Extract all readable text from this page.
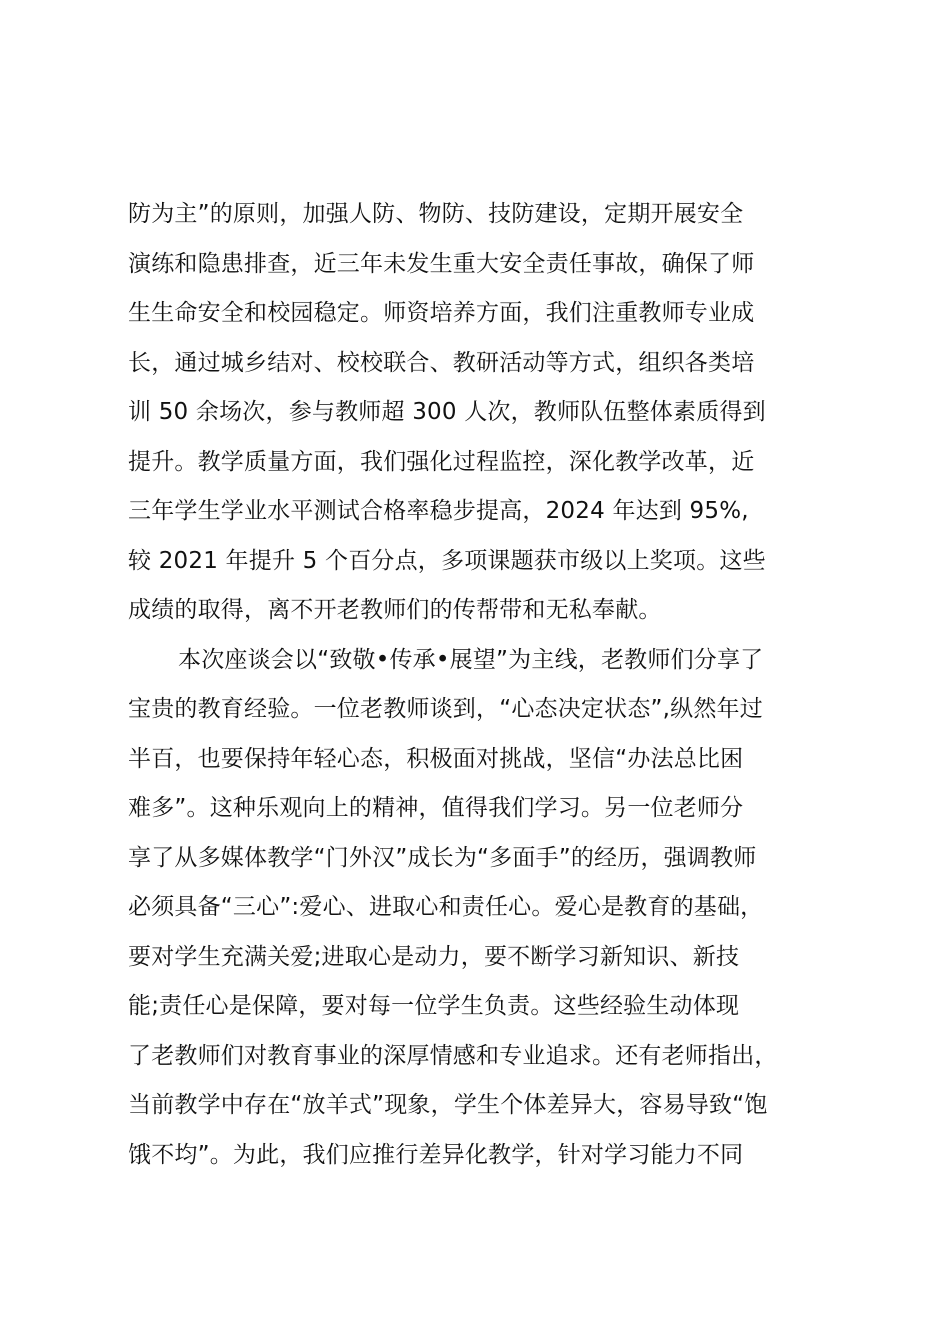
防为主”的原则，加强人防、物防、技防建设，定期开展安全
演练和隐患排查，近三年未发生重大安全责任事故，确保了师
生生命安全和校园稳定。师资培养方面，我们注重教师专业成
长，通过城乡结对、校校联合、教研活动等方式，组织各类培
训 50 余场次，参与教师超 300 人次，教师队伍整体素质得到
提升。教学质量方面，我们强化过程监控，深化教学改革，近
三年学生学业水平测试合格率稳步提高，2024 年达到 95%,
较 2021 年提升 5 个百分点，多项课题获市级以上奖项。这些
成绩的取得，离不开老教师们的传帮带和无私奉献。
本次座谈会以“致敬•传承•展望”为主线，老教师们分享了
宝贵的教育经验。一位老教师谈到，“心态决定状态”,纵然年过
半百，也要保持年轻心态，积极面对挑战，坚信“办法总比困
难多”。这种乐观向上的精神，值得我们学习。另一位老师分
享了从多媒体教学“门外汉”成长为“多面手”的经历，强调教师
必须具备“三心”:爱心、进取心和责任心。爱心是教育的基础，
要对学生充满关爱;进取心是动力，要不断学习新知识、新技
能;责任心是保障，要对每一位学生负责。这些经验生动体现
了老教师们对教育事业的深厚情感和专业追求。还有老师指出，
当前教学中存在“放羊式”现象，学生个体差异大，容易导致“饱
饿不均”。为此，我们应推行差异化教学，针对学习能力不同
